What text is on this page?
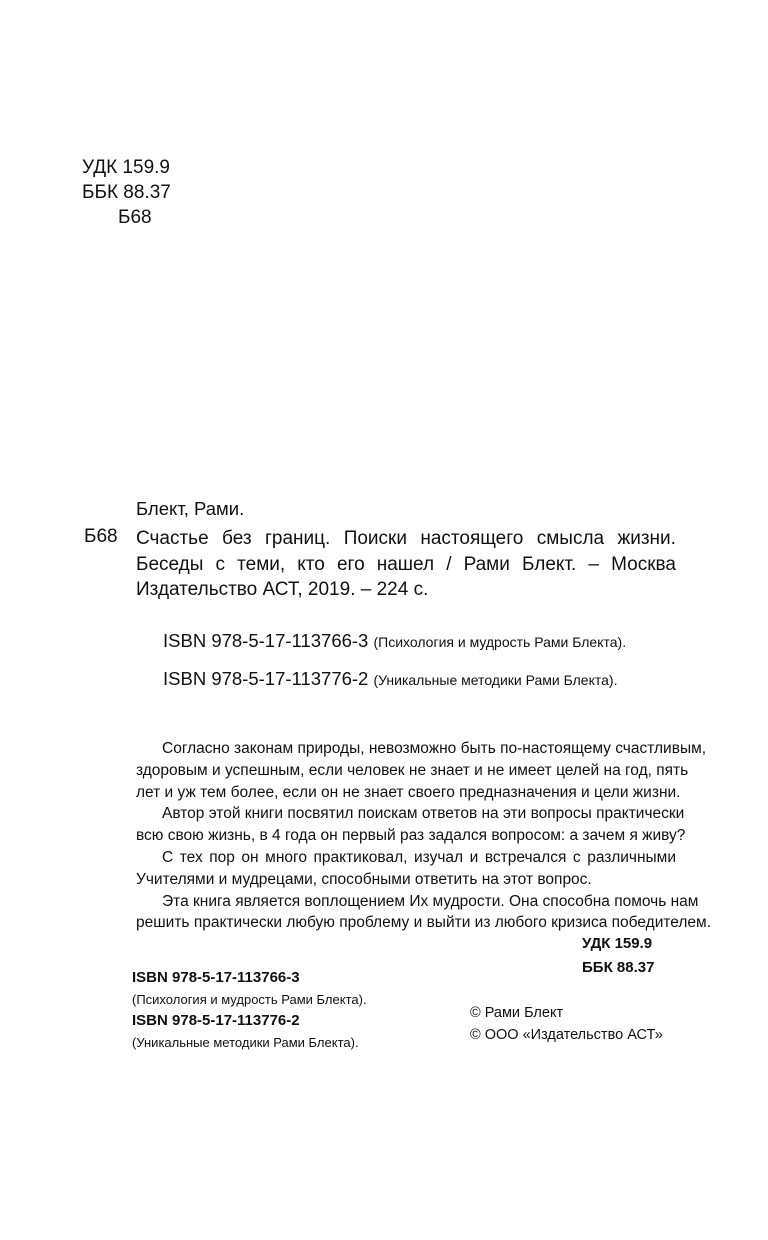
УДК 159.9
ББК 88.37
Б68
Блект, Рами.
Б68 Счастье без границ. Поиски настоящего смысла жизни.
Беседы с теми, кто его нашел / Рами Блект. – Москва
Издательство АСТ, 2019. – 224 с.
ISBN 978-5-17-113766-3 (Психология и мудрость Рами Блекта).
ISBN 978-5-17-113776-2 (Уникальные методики Рами Блекта).

Согласно законам природы, невозможно быть по-настоящему счастливым,

здоровым и успешным, если человек не знает и не имеет целей на год, пять

лет и уж тем более, если он не знает своего предназначения и цели жизни.

Автор этой книги посвятил поискам ответов на эти вопросы практически

всю свою жизнь, в 4 года он первый раз задался вопросом: а зачем я живу?

С тех пор он много практиковал, изучал и встречался с различными

Учителями и мудрецами, способными ответить на этот вопрос.

Эта книга является воплощением Их мудрости. Она способна помочь нам

решить практически любую проблему и выйти из любого кризиса победителем.

УДК 159.9
ББК 88.37
ISBN 978-5-17-113766-3
(Психология и мудрость Рами Блекта).
ISBN 978-5-17-113776-2
(Уникальные методики Рами Блекта).
© Рами Блект
© ООО «Издательство АСТ»
